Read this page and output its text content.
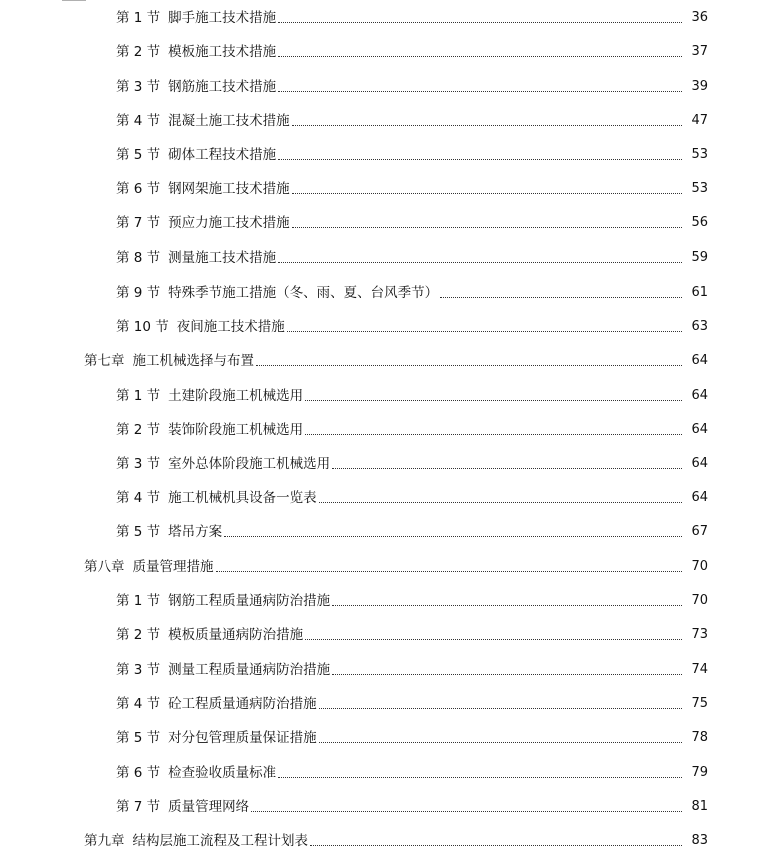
第 1 节 脚手施工技术措施	36
第 2 节 模板施工技术措施	37
第 3 节 钢筋施工技术措施	39
第 4 节 混凝土施工技术措施	47
第 5 节 砌体工程技术措施	53
第 6 节 钢网架施工技术措施	53
第 7 节 预应力施工技术措施	56
第 8 节 测量施工技术措施	59
第 9 节 特殊季节施工措施（冬、雨、夏、台风季节）	61
第 10 节 夜间施工技术措施	63
第七章 施工机械选择与布置	64
第 1 节 土建阶段施工机械选用	64
第 2 节 装饰阶段施工机械选用	64
第 3 节 室外总体阶段施工机械选用	64
第 4 节 施工机械机具设备一览表	64
第 5 节 塔吊方案	67
第八章 质量管理措施	70
第 1 节 钢筋工程质量通病防治措施	70
第 2 节 模板质量通病防治措施	73
第 3 节 测量工程质量通病防治措施	74
第 4 节 砼工程质量通病防治措施	75
第 5 节 对分包管理质量保证措施	78
第 6 节 检查验收质量标准	79
第 7 节 质量管理网络	81
第九章 结构层施工流程及工程计划表	83
